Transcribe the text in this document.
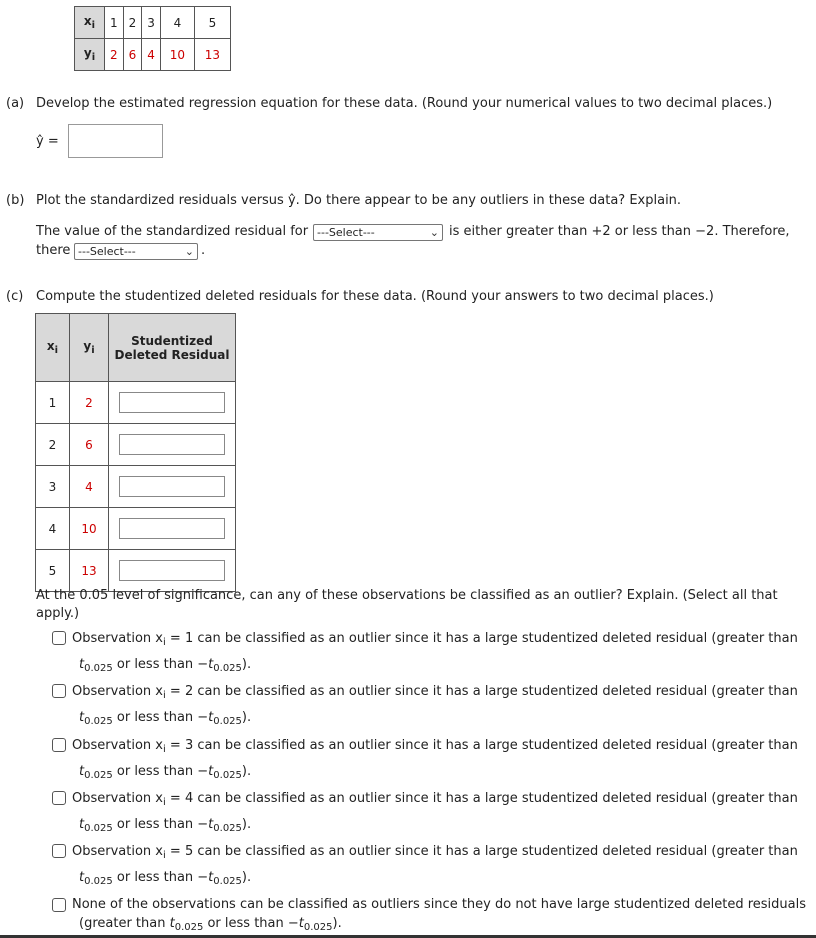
$x_i$	1	2	3	4	5
$y_i$	2	6	4	10	13
(a) Develop the estimated regression equation for these data. (Round your numerical values to two decimal places.)
ŷ =
(b) Plot the standardized residuals versus ŷ. Do there appear to be any outliers in these data? Explain.
The value of the standardized residual for ---Select---	⌄ is either greater than +2 or less than −2. Therefore,
there ---Select---	⌄ .
(c) Compute the studentized deleted residuals for these data. (Round your answers to two decimal places.)
$x_i$	$y_i$	Studentized
Deleted Residual
1	2	
2	6	
3	4	
4	10	
5	13	
At the 0.05 level of significance, can any of these observations be classified as an outlier? Explain. (Select all that apply.)
Observation $x_i = 1$ can be classified as an outlier since it has a large studentized deleted residual (greater than
$t_{0.025}$ or less than $-t_{0.025}$).
Observation $x_i = 2$ can be classified as an outlier since it has a large studentized deleted residual (greater than
$t_{0.025}$ or less than $-t_{0.025}$).
Observation $x_i = 3$ can be classified as an outlier since it has a large studentized deleted residual (greater than
$t_{0.025}$ or less than $-t_{0.025}$).
Observation $x_i = 4$ can be classified as an outlier since it has a large studentized deleted residual (greater than
$t_{0.025}$ or less than $-t_{0.025}$).
Observation $x_i = 5$ can be classified as an outlier since it has a large studentized deleted residual (greater than
$t_{0.025}$ or less than $-t_{0.025}$).
None of the observations can be classified as outliers since they do not have large studentized deleted residuals
(greater than $t_{0.025}$ or less than $-t_{0.025}$).
